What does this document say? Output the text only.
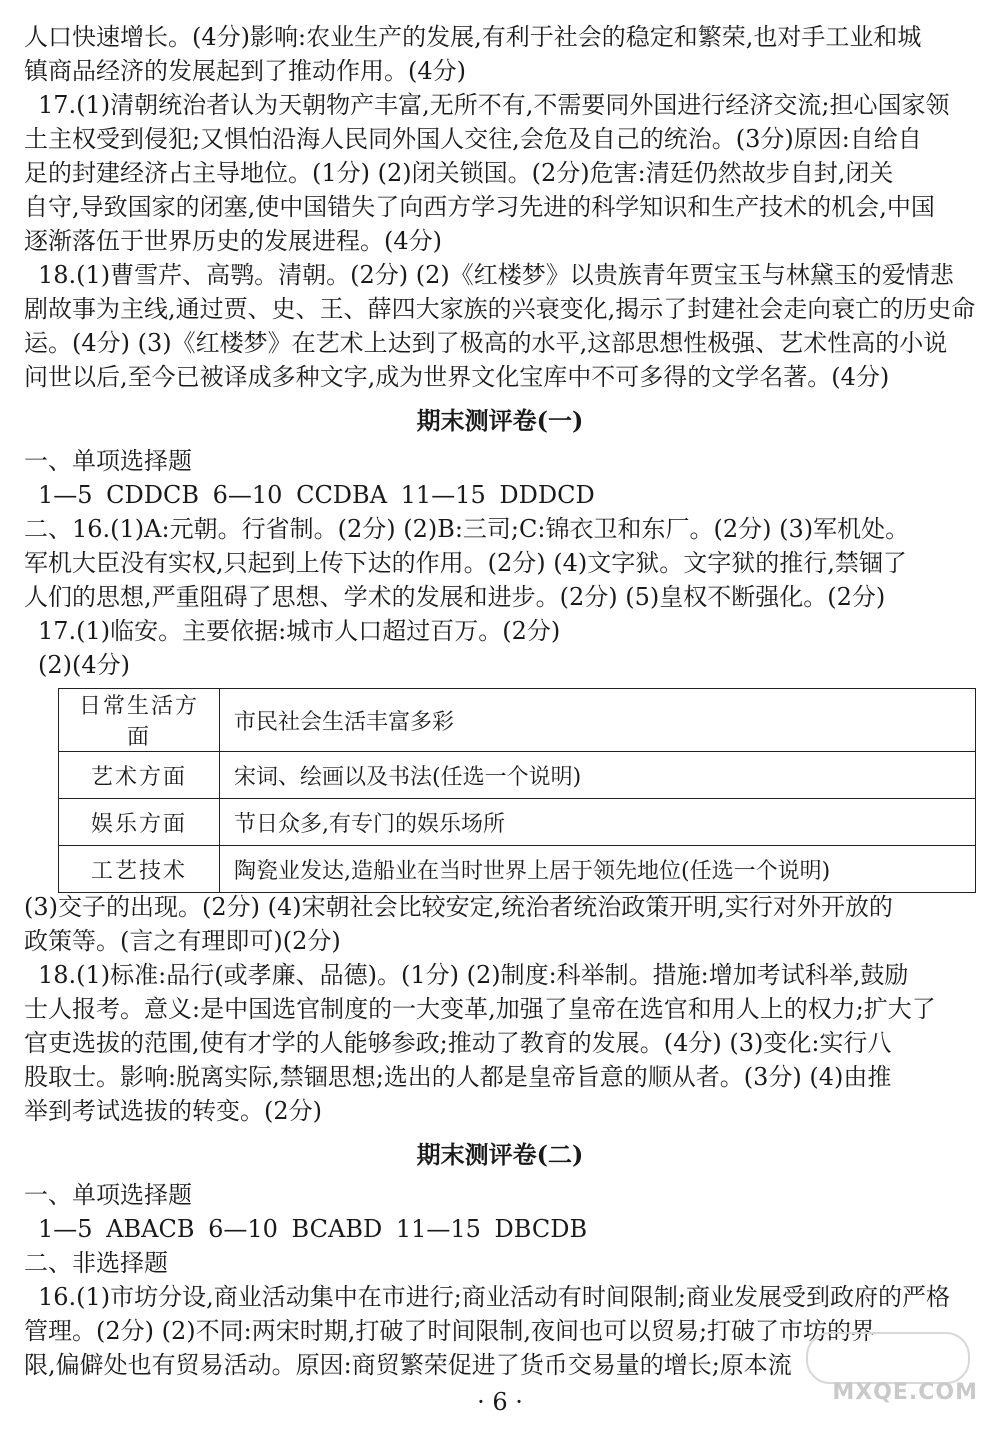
人口快速增长。(4分)影响:农业生产的发展,有利于社会的稳定和繁荣,也对手工业和城
镇商品经济的发展起到了推动作用。(4分)
17.(1)清朝统治者认为天朝物产丰富,无所不有,不需要同外国进行经济交流;担心国家领
土主权受到侵犯;又惧怕沿海人民同外国人交往,会危及自己的统治。(3分)原因:自给自
足的封建经济占主导地位。(1分) (2)闭关锁国。(2分)危害:清廷仍然故步自封,闭关
自守,导致国家的闭塞,使中国错失了向西方学习先进的科学知识和生产技术的机会,中国
逐渐落伍于世界历史的发展进程。(4分)
18.(1)曹雪芹、高鹗。清朝。(2分) (2)《红楼梦》以贵族青年贾宝玉与林黛玉的爱情悲
剧故事为主线,通过贾、史、王、薛四大家族的兴衰变化,揭示了封建社会走向衰亡的历史命
运。(4分) (3)《红楼梦》在艺术上达到了极高的水平,这部思想性极强、艺术性高的小说
问世以后,至今已被译成多种文字,成为世界文化宝库中不可多得的文学名著。(4分)
期末测评卷(一)
一、单项选择题
1—5 CDDCB 6—10 CCDBA 11—15 DDDCD
二、16.(1)A:元朝。行省制。(2分) (2)B:三司;C:锦衣卫和东厂。(2分) (3)军机处。
军机大臣没有实权,只起到上传下达的作用。(2分) (4)文字狱。文字狱的推行,禁锢了
人们的思想,严重阻碍了思想、学术的发展和进步。(2分) (5)皇权不断强化。(2分)
17.(1)临安。主要依据:城市人口超过百万。(2分)
(2)(4分)
日常生活方面	市民社会生活丰富多彩
艺术方面	宋词、绘画以及书法(任选一个说明)
娱乐方面	节日众多,有专门的娱乐场所
工艺技术	陶瓷业发达,造船业在当时世界上居于领先地位(任选一个说明)
(3)交子的出现。(2分) (4)宋朝社会比较安定,统治者统治政策开明,实行对外开放的
政策等。(言之有理即可)(2分)
18.(1)标准:品行(或孝廉、品德)。(1分) (2)制度:科举制。措施:增加考试科举,鼓励
士人报考。意义:是中国选官制度的一大变革,加强了皇帝在选官和用人上的权力;扩大了
官吏选拔的范围,使有才学的人能够参政;推动了教育的发展。(4分) (3)变化:实行八
股取士。影响:脱离实际,禁锢思想;选出的人都是皇帝旨意的顺从者。(3分) (4)由推
举到考试选拔的转变。(2分)
期末测评卷(二)
一、单项选择题
1—5 ABACB 6—10 BCABD 11—15 DBCDB
二、非选择题
16.(1)市坊分设,商业活动集中在市进行;商业活动有时间限制;商业发展受到政府的严格
管理。(2分) (2)不同:两宋时期,打破了时间限制,夜间也可以贸易;打破了市坊的界
限,偏僻处也有贸易活动。原因:商贸繁荣促进了货币交易量的增长;原本流
· 6 ·	MXQE.COM
